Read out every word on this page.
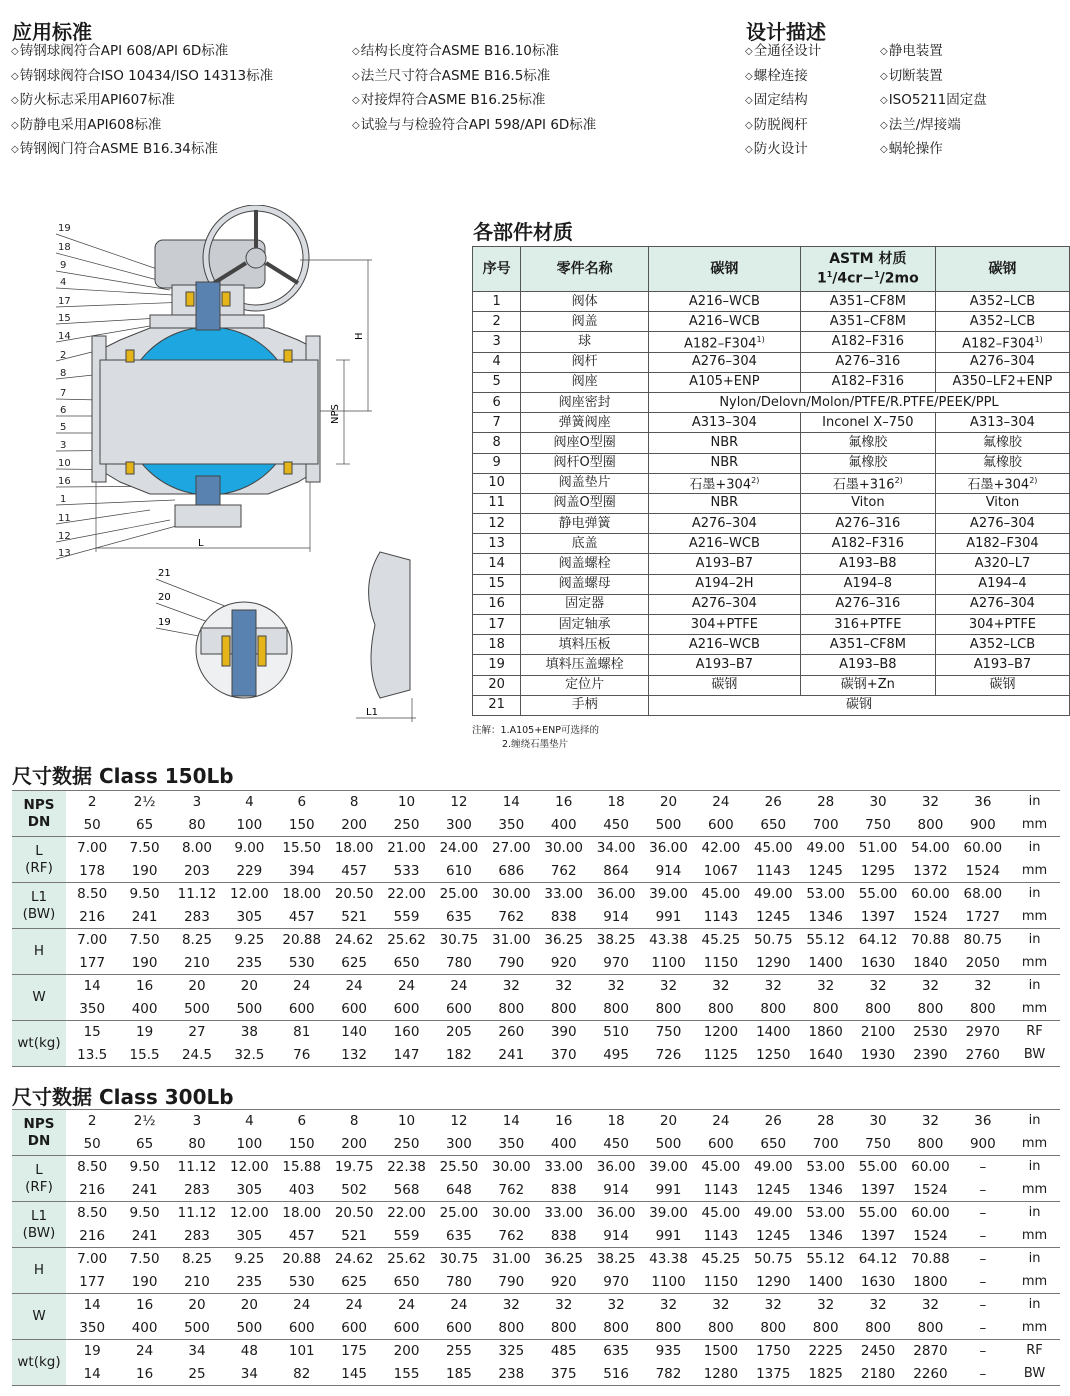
应用标准
◇ 铸钢球阀符合API 608/API 6D标准
◇ 铸钢球阀符合ISO 10434/ISO 14313标准
◇ 防火标志采用API607标准
◇ 防静电采用API608标准
◇ 铸钢阀门符合ASME B16.34标准
◇ 结构长度符合ASME B16.10标准
◇ 法兰尺寸符合ASME B16.5标准
◇ 对接焊符合ASME B16.25标准
◇ 试验与与检验符合API 598/API 6D标准
设计描述
◇ 全通径设计
◇ 螺栓连接
◇ 固定结构
◇ 防脱阀杆
◇ 防火设计
◇ 静电装置
◇ 切断装置
◇ ISO5211固定盘
◇ 法兰/焊接端
◇ 蜗轮操作
19
18
9
4
17
15
14
2
8
7
6
5
3
10
16
1
11
12
13
H
NPS
L
21
20
19
L1
各部件材质
序号	零件名称	碳钢	ASTM 材质
$1^1/4cr-^1/2mo$	碳钢
1	阀体	A216–WCB	A351–CF8M	A352–LCB
2	阀盖	A216–WCB	A351–CF8M	A352–LCB
3	球	A182–F304$^{1)}$	A182–F316	A182–F304$^{1)}$
4	阀杆	A276–304	A276–316	A276–304
5	阀座	A105+ENP	A182–F316	A350–LF2+ENP
6	阀座密封	Nylon/Delovn/Molon/PTFE/R.PTFE/PEEK/PPL		
7	弹簧阀座	A313–304	Inconel X–750	A313–304
8	阀座O型圈	NBR	氟橡胶	氟橡胶
9	阀杆O型圈	NBR	氟橡胶	氟橡胶
10	阀盖垫片	石墨$+304^{2)}$	石墨$+316^{2)}$	石墨$+304^{2)}$
11	阀盖O型圈	NBR	Viton	Viton
12	静电弹簧	A276–304	A276–316	A276–304
13	底盖	A216–WCB	A182–F316	A182–F304
14	阀盖螺栓	A193–B7	A193–B8	A320–L7
15	阀盖螺母	A194–2H	A194–8	A194–4
16	固定器	A276–304	A276–316	A276–304
17	固定轴承	304+PTFE	316+PTFE	304+PTFE
18	填料压板	A216–WCB	A351–CF8M	A352–LCB
19	填料压盖螺栓	A193–B7	A193–B8	A193–B7
20	定位片	碳钢	碳钢+Zn	碳钢
21	手柄	碳钢		
注解：1.A105+ENP可选择的
2.缠绕石墨垫片
尺寸数据 Class 150Lb
NPS
DN	2	2½	3	4	6	8	10	12	14	16	18	20	24	26	28	30	32	36	in
	50	65	80	100	150	200	250	300	350	400	450	500	600	650	700	750	800	900	mm

L
(RF)	7.00	7.50	8.00	9.00	15.50	18.00	21.00	24.00	27.00	30.00	34.00	36.00	42.00	45.00	49.00	51.00	54.00	60.00	in
	178	190	203	229	394	457	533	610	686	762	864	914	1067	1143	1245	1295	1372	1524	mm

L1
(BW)	8.50	9.50	11.12	12.00	18.00	20.50	22.00	25.00	30.00	33.00	36.00	39.00	45.00	49.00	53.00	55.00	60.00	68.00	in
	216	241	283	305	457	521	559	635	762	838	914	991	1143	1245	1346	1397	1524	1727	mm

H	7.00	7.50	8.25	9.25	20.88	24.62	25.62	30.75	31.00	36.25	38.25	43.38	45.25	50.75	55.12	64.12	70.88	80.75	in
	177	190	210	235	530	625	650	780	790	920	970	1100	1150	1290	1400	1630	1840	2050	mm

W	14	16	20	20	24	24	24	24	32	32	32	32	32	32	32	32	32	32	in
	350	400	500	500	600	600	600	600	800	800	800	800	800	800	800	800	800	800	mm

wt(kg)	15	19	27	38	81	140	160	205	260	390	510	750	1200	1400	1860	2100	2530	2970	RF
	13.5	15.5	24.5	32.5	76	132	147	182	241	370	495	726	1125	1250	1640	1930	2390	2760	BW
尺寸数据 Class 300Lb
NPS
DN	2	2½	3	4	6	8	10	12	14	16	18	20	24	26	28	30	32	36	in
	50	65	80	100	150	200	250	300	350	400	450	500	600	650	700	750	800	900	mm

L
(RF)	8.50	9.50	11.12	12.00	15.88	19.75	22.38	25.50	30.00	33.00	36.00	39.00	45.00	49.00	53.00	55.00	60.00	–	in
	216	241	283	305	403	502	568	648	762	838	914	991	1143	1245	1346	1397	1524	–	mm

L1
(BW)	8.50	9.50	11.12	12.00	18.00	20.50	22.00	25.00	30.00	33.00	36.00	39.00	45.00	49.00	53.00	55.00	60.00	–	in
	216	241	283	305	457	521	559	635	762	838	914	991	1143	1245	1346	1397	1524	–	mm

H	7.00	7.50	8.25	9.25	20.88	24.62	25.62	30.75	31.00	36.25	38.25	43.38	45.25	50.75	55.12	64.12	70.88	–	in
	177	190	210	235	530	625	650	780	790	920	970	1100	1150	1290	1400	1630	1800	–	mm

W	14	16	20	20	24	24	24	24	32	32	32	32	32	32	32	32	32	–	in
	350	400	500	500	600	600	600	600	800	800	800	800	800	800	800	800	800	–	mm

wt(kg)	19	24	34	48	101	175	200	255	325	485	635	935	1500	1750	2225	2450	2870	–	RF
	14	16	25	34	82	145	155	185	238	375	516	782	1280	1375	1825	2180	2260	–	BW
